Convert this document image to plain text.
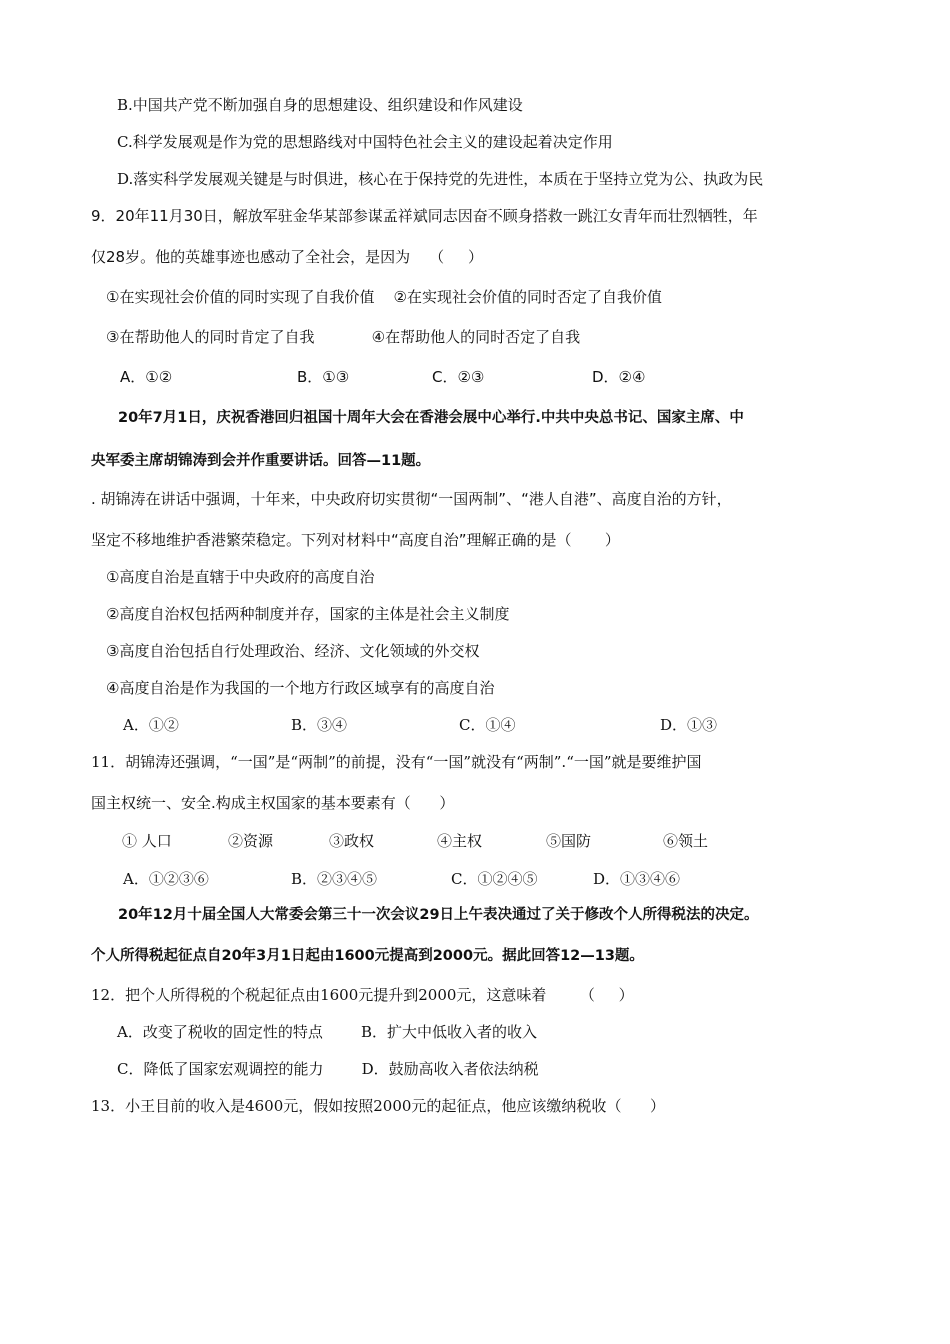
B.中国共产党不断加强自身的思想建设、组织建设和作风建设
C.科学发展观是作为党的思想路线对中国特色社会主义的建设起着决定作用
D.落实科学发展观关键是与时俱进，核心在于保持党的先进性，本质在于坚持立党为公、执政为民
9．20年11月30日，解放军驻金华某部参谋孟祥斌同志因奋不顾身搭救一跳江女青年而壮烈牺牲，年
仅28岁。他的英雄事迹也感动了全社会，是因为    （     ）
①在实现社会价值的同时实现了自我价值    ②在实现社会价值的同时否定了自我价值
③在帮助他人的同时肯定了自我            ④在帮助他人的同时否定了自我
A．①②	B．①③	C．②③	D．②④
20年7月1日，庆祝香港回归祖国十周年大会在香港会展中心举行.中共中央总书记、国家主席、中
央军委主席胡锦涛到会并作重要讲话。回答—11题。
. 胡锦涛在讲话中强调，十年来，中央政府切实贯彻“一国两制”、“港人自港”、高度自治的方针，
坚定不移地维护香港繁荣稳定。下列对材料中“高度自治”理解正确的是（       ）
①高度自治是直辖于中央政府的高度自治
②高度自治权包括两种制度并存，国家的主体是社会主义制度
③高度自治包括自行处理政治、经济、文化领域的外交权
④高度自治是作为我国的一个地方行政区域享有的高度自治
A．①②	B．③④	C．①④	D．①③
11．胡锦涛还强调，“一国”是“两制”的前提，没有“一国”就没有“两制”.“一国”就是要维护国
国主权统一、安全.构成主权国家的基本要素有（      ）
① 人口	②资源	③政权	④主权	⑤国防	⑥领土
A．①②③⑥	B．②③④⑤	C．①②④⑤	D．①③④⑥
20年12月十届全国人大常委会第三十一次会议29日上午表决通过了关于修改个人所得税法的决定。
个人所得税起征点自20年3月1日起由1600元提高到2000元。据此回答12—13题。
12．把个人所得税的个税起征点由1600元提升到2000元，这意味着       （     ）
A．改变了税收的固定性的特点        B．扩大中低收入者的收入
C．降低了国家宏观调控的能力        D．鼓励高收入者依法纳税
13．小王目前的收入是4600元，假如按照2000元的起征点，他应该缴纳税收（      ）
